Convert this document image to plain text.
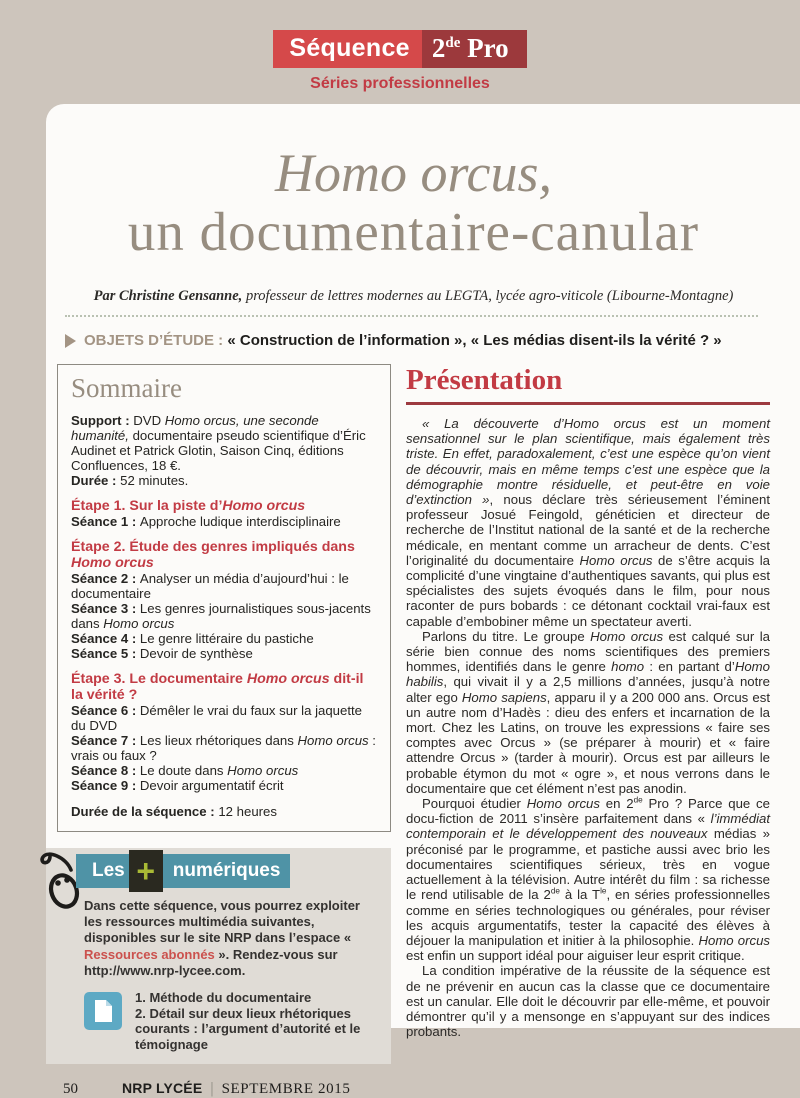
Séquence 2de Pro
Séries professionnelles
Homo orcus,
un documentaire-canular

Par Christine Gensanne, professeur de lettres modernes au LEGTA, lycée agro-viticole (Libourne-Montagne)

OBJETS D’ÉTUDE : « Construction de l’information », « Les médias disent-ils la vérité ? »
Sommaire

Support : DVD Homo orcus, une seconde humanité, documentaire pseudo scientifique d’Éric Audinet et Patrick Glotin, Saison Cinq, éditions Confluences, 18 €.

Durée : 52 minutes.

Étape 1. Sur la piste d’Homo orcus

Séance 1 : Approche ludique interdisciplinaire

Étape 2. Étude des genres impliqués dans Homo orcus

Séance 2 : Analyser un média d’aujourd’hui : le documentaire

Séance 3 : Les genres journalistiques sous-jacents dans Homo orcus

Séance 4 : Le genre littéraire du pastiche

Séance 5 : Devoir de synthèse

Étape 3. Le documentaire Homo orcus dit-il la vérité ?

Séance 6 : Démêler le vrai du faux sur la jaquette du DVD

Séance 7 : Les lieux rhétoriques dans Homo orcus : vrais ou faux ?

Séance 8 : Le doute dans Homo orcus

Séance 9 : Devoir argumentatif écrit

Durée de la séquence : 12 heures

Les + numériques

Dans cette séquence, vous pourrez exploiter les ressources multimédia suivantes, disponibles sur le site NRP dans l’espace « Ressources abonnés ». Rendez-vous sur http://www.nrp-lycee.com.

1. Méthode du documentaire

2. Détail sur deux lieux rhétoriques courants : l’argument d’autorité et le témoignage

50	NRP LYCÉE | SEPTEMBRE 2015
Présentation

« La découverte d’Homo orcus est un moment sensationnel sur le plan scientifique, mais également très triste. En effet, paradoxalement, c’est une espèce qu’on vient de découvrir, mais en même temps c’est une espèce que la démographie montre résiduelle, et peut-être en voie d’extinction », nous déclare très sérieusement l’éminent professeur Josué Feingold, généticien et directeur de recherche de l’Institut national de la santé et de la recherche médicale, en mentant comme un arracheur de dents. C’est l’originalité du documentaire Homo orcus de s’être acquis la complicité d’une vingtaine d’authentiques savants, qui plus est spécialistes des sujets évoqués dans le film, pour nous raconter de purs bobards : ce détonant cocktail vrai-faux est capable d’embobiner même un spectateur averti.

Parlons du titre. Le groupe Homo orcus est calqué sur la série bien connue des noms scientifiques des premiers hommes, identifiés dans le genre homo : en partant d’Homo habilis, qui vivait il y a 2,5 millions d’années, jusqu’à notre alter ego Homo sapiens, apparu il y a 200 000 ans. Orcus est un autre nom d’Hadès : dieu des enfers et incarnation de la mort. Chez les Latins, on trouve les expressions « faire ses comptes avec Orcus » (se préparer à mourir) et « faire attendre Orcus » (tarder à mourir). Orcus est par ailleurs le probable étymon du mot « ogre », et nous verrons dans le documentaire que cet élément n’est pas anodin.

Pourquoi étudier Homo orcus en 2de Pro ? Parce que ce docu-fiction de 2011 s’insère parfaitement dans « l’immédiat contemporain et le développement des nouveaux médias » préconisé par le programme, et pastiche aussi avec brio les documentaires scientifiques sérieux, très en vogue actuellement à la télévision. Autre intérêt du film : sa richesse le rend utilisable de la 2de à la $T^{le}$, en séries professionnelles comme en séries technologiques ou générales, pour réviser les acquis argumentatifs, tester la capacité des élèves à déjouer la manipulation et initier à la philosophie. Homo orcus est enfin un support idéal pour aiguiser leur esprit critique.

La condition impérative de la réussite de la séquence est de ne prévenir en aucun cas la classe que ce documentaire est un canular. Elle doit le découvrir par elle-même, et pouvoir démontrer qu’il y a mensonge en s’appuyant sur des indices probants.
